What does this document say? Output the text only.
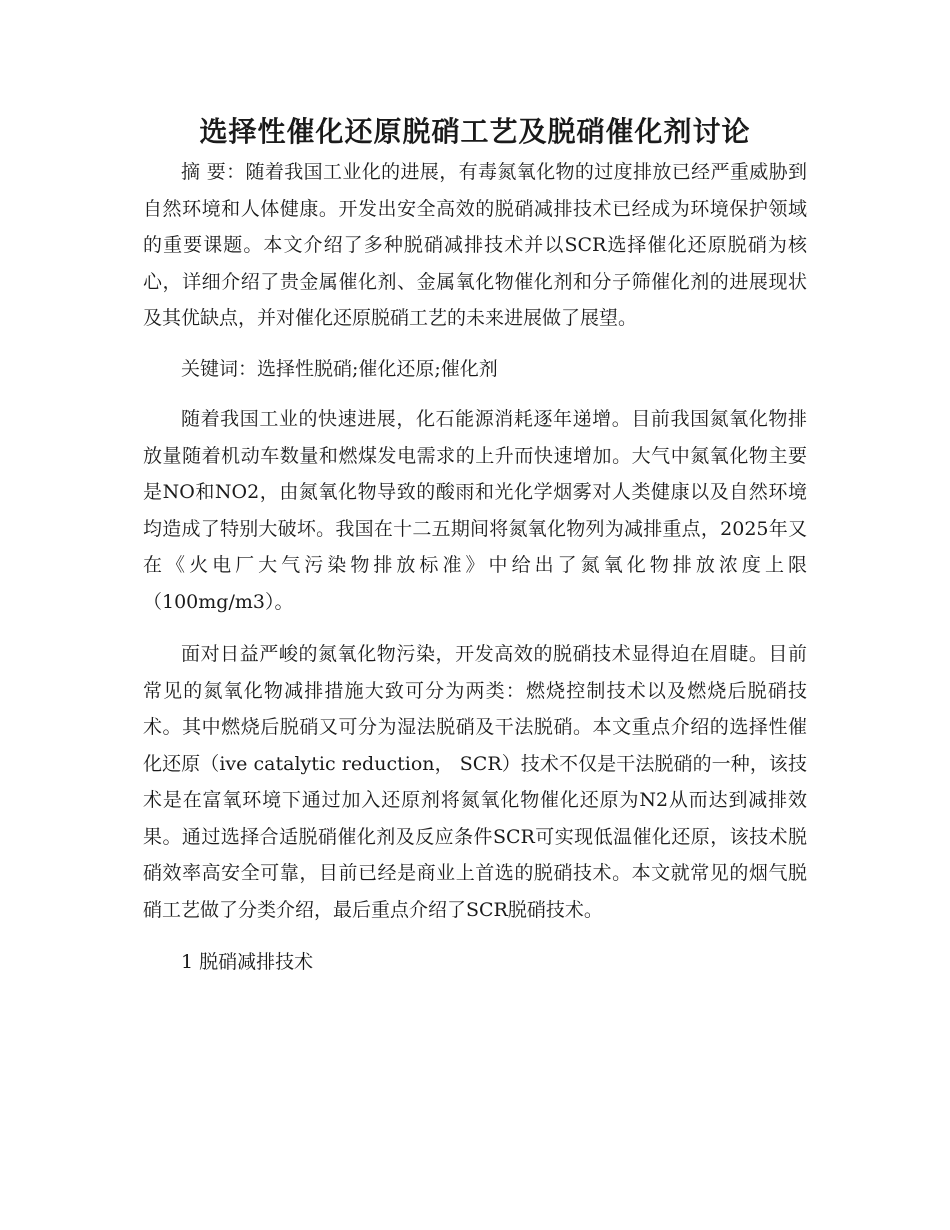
选择性催化还原脱硝工艺及脱硝催化剂讨论

摘 要：随着我国工业化的进展，有毒氮氧化物的过度排放已经严重威胁到自然环境和人体健康。开发出安全高效的脱硝减排技术已经成为环境保护领域的重要课题。本文介绍了多种脱硝减排技术并以SCR选择催化还原脱硝为核心，详细介绍了贵金属催化剂、金属氧化物催化剂和分子筛催化剂的进展现状及其优缺点，并对催化还原脱硝工艺的未来进展做了展望。

关键词：选择性脱硝;催化还原;催化剂

随着我国工业的快速进展，化石能源消耗逐年递增。目前我国氮氧化物排放量随着机动车数量和燃煤发电需求的上升而快速增加。大气中氮氧化物主要是NO和NO2，由氮氧化物导致的酸雨和光化学烟雾对人类健康以及自然环境均造成了特别大破坏。我国在十二五期间将氮氧化物列为减排重点，2025年又在《火电厂大气污染物排放标准》中给出了氮氧化物排放浓度上限（100mg/m3）。

面对日益严峻的氮氧化物污染，开发高效的脱硝技术显得迫在眉睫。目前常见的氮氧化物减排措施大致可分为两类：燃烧控制技术以及燃烧后脱硝技术。其中燃烧后脱硝又可分为湿法脱硝及干法脱硝。本文重点介绍的选择性催化还原（ive catalytic reduction， SCR）技术不仅是干法脱硝的一种，该技术是在富氧环境下通过加入还原剂将氮氧化物催化还原为N2从而达到减排效果。通过选择合适脱硝催化剂及反应条件SCR可实现低温催化还原，该技术脱硝效率高安全可靠，目前已经是商业上首选的脱硝技术。本文就常见的烟气脱硝工艺做了分类介绍，最后重点介绍了SCR脱硝技术。

1 脱硝减排技术
